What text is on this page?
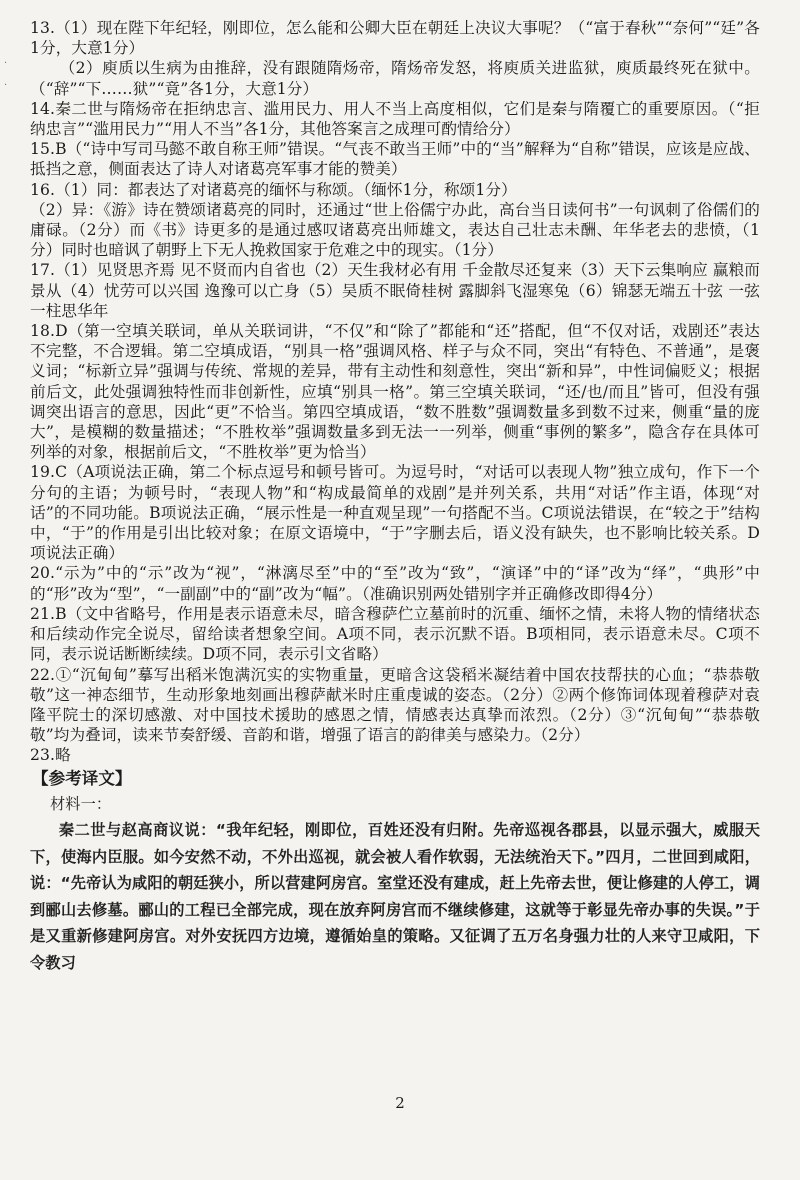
·
·
13.（1）现在陛下年纪轻，刚即位，怎么能和公卿大臣在朝廷上决议大事呢？（“富于春秋”“奈何”“廷”各1分，大意1分）
（2）庾质以生病为由推辞，没有跟随隋炀帝，隋炀帝发怒，将庾质关进监狱，庾质最终死在狱中。（“辞”“下……狱”“竟”各1分，大意1分）
14.秦二世与隋炀帝在拒纳忠言、滥用民力、用人不当上高度相似，它们是秦与隋覆亡的重要原因。（“拒纳忠言”“滥用民力”“用人不当”各1分，其他答案言之成理可酌情给分）
15.B（“诗中写司马懿不敢自称王师”错误。“气丧不敢当王师”中的“当”解释为“自称”错误，应该是应战、抵挡之意，侧面表达了诗人对诸葛亮军事才能的赞美）
16.（1）同：都表达了对诸葛亮的缅怀与称颂。（缅怀1分，称颂1分）
（2）异：《游》诗在赞颂诸葛亮的同时，还通过“世上俗儒宁办此，高台当日读何书”一句讽刺了俗儒们的庸碌。（2分）而《书》诗更多的是通过感叹诸葛亮出师雄文，表达自己壮志未酬、年华老去的悲愤，（1分）同时也暗讽了朝野上下无人挽救国家于危难之中的现实。（1分）
17.（1）见贤思齐焉 见不贤而内自省也（2）天生我材必有用 千金散尽还复来（3）天下云集响应 赢粮而景从（4）忧劳可以兴国 逸豫可以亡身（5）吴质不眠倚桂树 露脚斜飞湿寒兔（6）锦瑟无端五十弦 一弦一柱思华年
18.D（第一空填关联词，单从关联词讲，“不仅”和“除了”都能和“还”搭配，但“不仅对话，戏剧还”表达不完整，不合逻辑。第二空填成语，“别具一格”强调风格、样子与众不同，突出“有特色、不普通”，是褒义词；“标新立异”强调与传统、常规的差异，带有主动性和刻意性，突出“新和异”，中性词偏贬义；根据前后文，此处强调独特性而非创新性，应填“别具一格”。第三空填关联词，“还/也/而且”皆可，但没有强调突出语言的意思，因此“更”不恰当。第四空填成语，“数不胜数”强调数量多到数不过来，侧重“量的庞大”，是模糊的数量描述；“不胜枚举”强调数量多到无法一一列举，侧重“事例的繁多”，隐含存在具体可列举的对象，根据前后文，“不胜枚举”更为恰当）
19.C（A项说法正确，第二个标点逗号和顿号皆可。为逗号时，“对话可以表现人物”独立成句，作下一个分句的主语；为顿号时，“表现人物”和“构成最简单的戏剧”是并列关系，共用“对话”作主语，体现“对话”的不同功能。B项说法正确，“展示性是一种直观呈现”一句搭配不当。C项说法错误，在“较之于”结构中，“于”的作用是引出比较对象；在原文语境中，“于”字删去后，语义没有缺失，也不影响比较关系。D项说法正确）
20.“示为”中的“示”改为“视”，“淋漓尽至”中的“至”改为“致”，“演译”中的“译”改为“绎”，“典形”中的“形”改为“型”，“一副副”中的“副”改为“幅”。（准确识别两处错别字并正确修改即得4分）
21.B（文中省略号，作用是表示语意未尽，暗含穆萨伫立墓前时的沉重、缅怀之情，未将人物的情绪状态和后续动作完全说尽，留给读者想象空间。A项不同，表示沉默不语。B项相同，表示语意未尽。C项不同，表示说话断断续续。D项不同，表示引文省略）
22.①“沉甸甸”摹写出稻米饱满沉实的实物重量，更暗含这袋稻米凝结着中国农技帮扶的心血；“恭恭敬敬”这一神态细节，生动形象地刻画出穆萨献米时庄重虔诚的姿态。（2分）②两个修饰词体现着穆萨对袁隆平院士的深切感激、对中国技术援助的感恩之情，情感表达真挚而浓烈。（2分）③“沉甸甸”“恭恭敬敬”均为叠词，读来节奏舒缓、音韵和谐，增强了语言的韵律美与感染力。（2分）
23.略
【参考译文】
材料一：
秦二世与赵高商议说：“我年纪轻，刚即位，百姓还没有归附。先帝巡视各郡县，以显示强大，威服天下，使海内臣服。如今安然不动，不外出巡视，就会被人看作软弱，无法统治天下。”四月，二世回到咸阳，说：“先帝认为咸阳的朝廷狭小，所以营建阿房宫。室堂还没有建成，赶上先帝去世，便让修建的人停工，调到郦山去修墓。郦山的工程已全部完成，现在放弃阿房宫而不继续修建，这就等于彰显先帝办事的失误。”于是又重新修建阿房宫。对外安抚四方边境，遵循始皇的策略。又征调了五万名身强力壮的人来守卫咸阳，下令教习
2
